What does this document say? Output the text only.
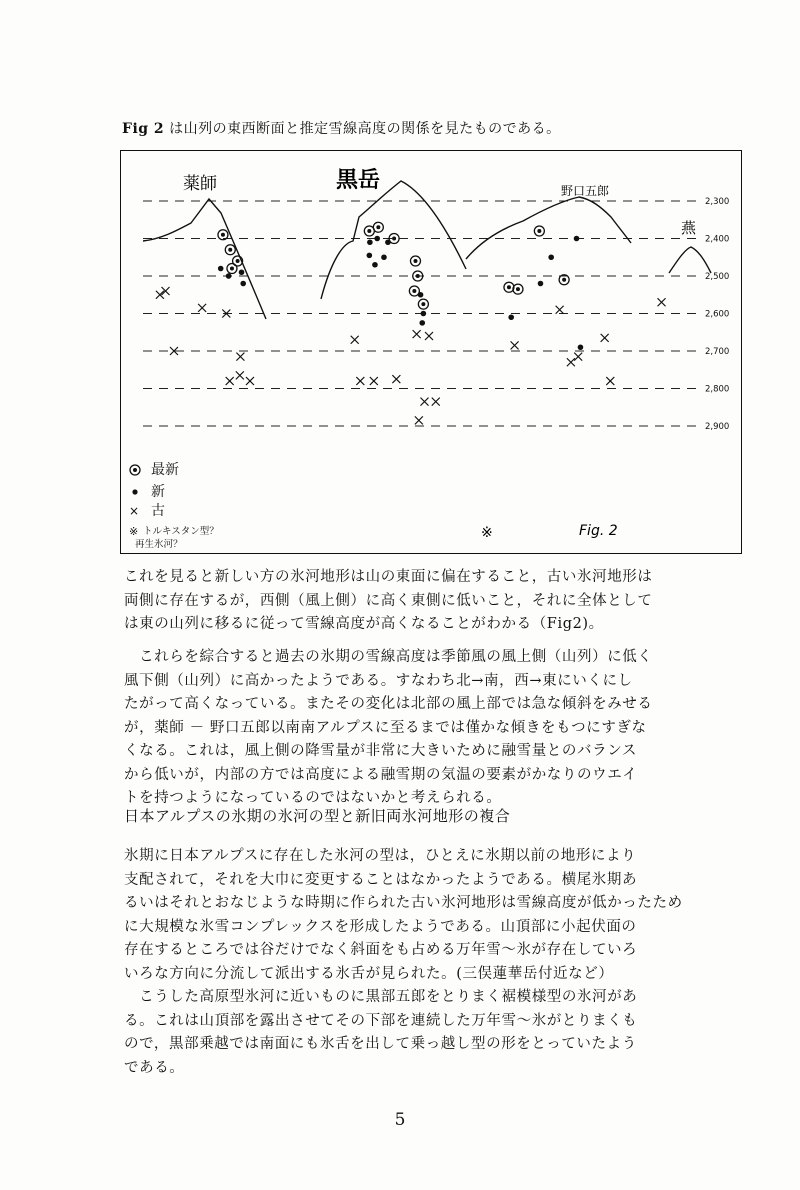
Fig 2 は山列の東西断面と推定雪線高度の関係を見たものである。
2,900
2,800
2,700
2,600
2,500
2,400
2,300
薬師	黒岳	野口五郎
燕
最新
新
× 古
※ トルキスタン型？
再生氷河？
※	Fig. 2
これを見ると新しい方の氷河地形は山の東面に偏在すること，古い氷河地形は
両側に存在するが，西側（風上側）に高く東側に低いこと，それに全体として
は東の山列に移るに従って雪線高度が高くなることがわかる（Fig2)。
　これらを綜合すると過去の氷期の雪線高度は季節風の風上側（山列）に低く
風下側（山列）に高かったようである。すなわち北→南，西→東にいくにし
たがって高くなっている。またその変化は北部の風上部では急な傾斜をみせる
が，薬師 － 野口五郎以南南アルプスに至るまでは僅かな傾きをもつにすぎな
くなる。これは，風上側の降雪量が非常に大きいために融雪量とのバランス
から低いが，内部の方では高度による融雪期の気温の要素がかなりのウエイ
トを持つようになっているのではないかと考えられる。
日本アルプスの氷期の氷河の型と新旧両氷河地形の複合
氷期に日本アルプスに存在した氷河の型は，ひとえに氷期以前の地形により
支配されて，それを大巾に変更することはなかったようである。横尾氷期あ
るいはそれとおなじような時期に作られた古い氷河地形は雪線高度が低かったため
に大規模な氷雪コンプレックスを形成したようである。山頂部に小起伏面の
存在するところでは谷だけでなく斜面をも占める万年雪～氷が存在していろ
いろな方向に分流して派出する氷舌が見られた。(三俣蓮華岳付近など）
　こうした高原型氷河に近いものに黒部五郎をとりまく裾模様型の氷河があ
る。これは山頂部を露出させてその下部を連続した万年雪～氷がとりまくも
ので，黒部乗越では南面にも氷舌を出して乗っ越し型の形をとっていたよう
である。
5
